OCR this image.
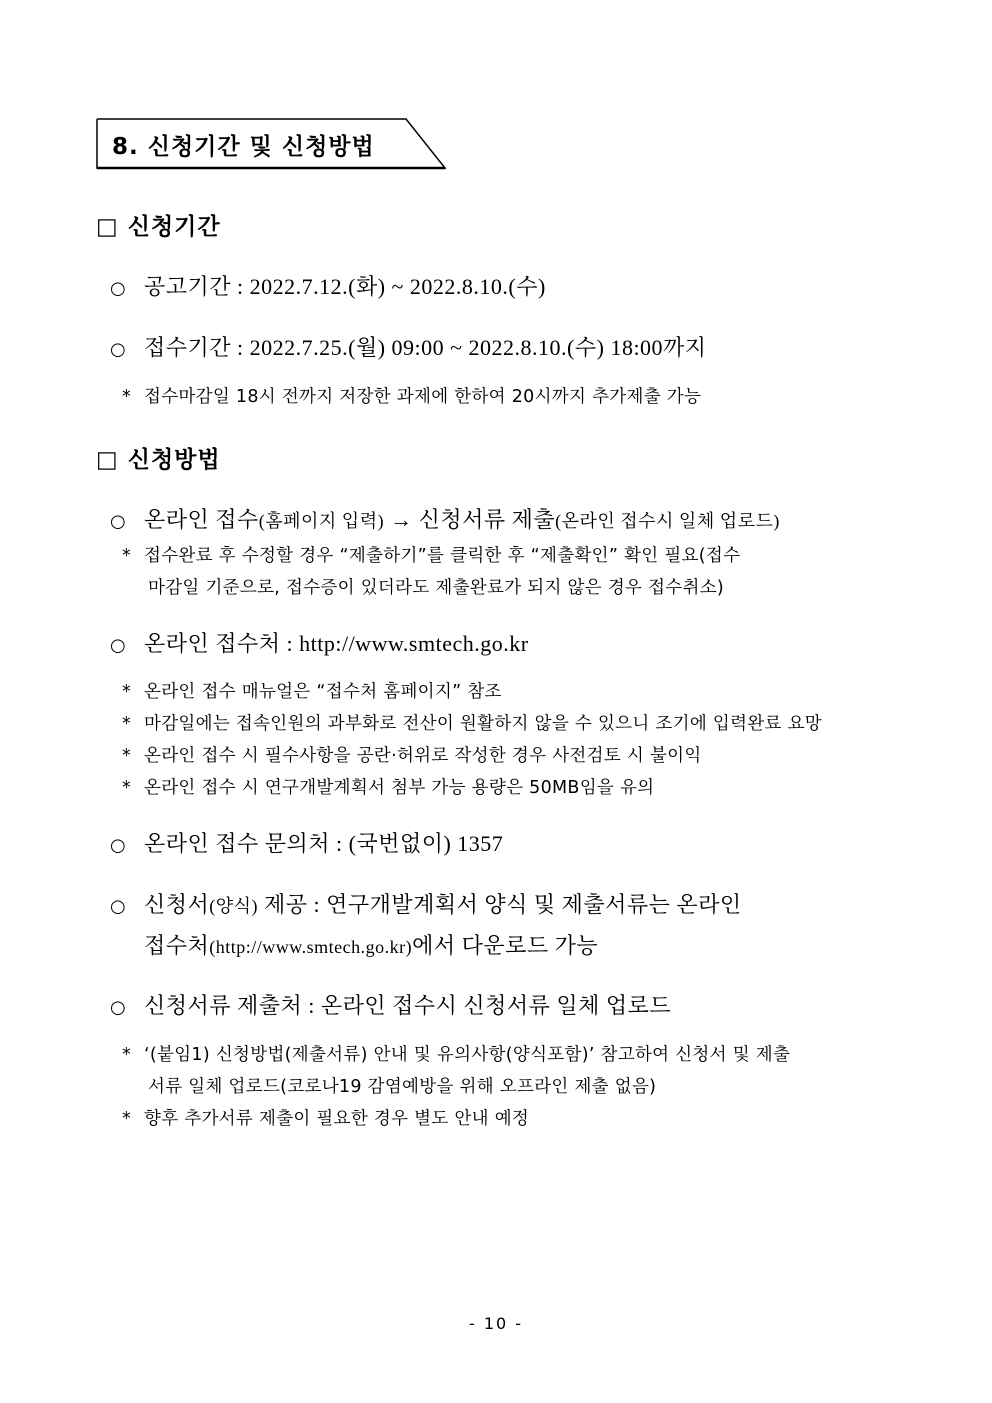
8. 신청기간 및 신청방법
□ 신청기간
○ 공고기간 : 2022.7.12.(화) ~ 2022.8.10.(수)
○ 접수기간 : 2022.7.25.(월) 09:00 ~ 2022.8.10.(수) 18:00까지
* 접수마감일 18시 전까지 저장한 과제에 한하여 20시까지 추가제출 가능
□ 신청방법
○ 온라인 접수(홈페이지 입력) → 신청서류 제출(온라인 접수시 일체 업로드)
* 접수완료 후 수정할 경우 “제출하기”를 클릭한 후 “제출확인” 확인 필요(접수
마감일 기준으로, 접수증이 있더라도 제출완료가 되지 않은 경우 접수취소)
○ 온라인 접수처 : http://www.smtech.go.kr
* 온라인 접수 매뉴얼은 “접수처 홈페이지” 참조
* 마감일에는 접속인원의 과부화로 전산이 원활하지 않을 수 있으니 조기에 입력완료 요망
* 온라인 접수 시 필수사항을 공란·허위로 작성한 경우 사전검토 시 불이익
* 온라인 접수 시 연구개발계획서 첨부 가능 용량은 50MB임을 유의
○ 온라인 접수 문의처 : (국번없이) 1357
○ 신청서(양식) 제공 : 연구개발계획서 양식 및 제출서류는 온라인
접수처(http://www.smtech.go.kr)에서 다운로드 가능
○ 신청서류 제출처 : 온라인 접수시 신청서류 일체 업로드
* ‘(붙임1) 신청방법(제출서류) 안내 및 유의사항(양식포함)’ 참고하여 신청서 및 제출
서류 일체 업로드(코로나19 감염예방을 위해 오프라인 제출 없음)
* 향후 추가서류 제출이 필요한 경우 별도 안내 예정
- 10 -
